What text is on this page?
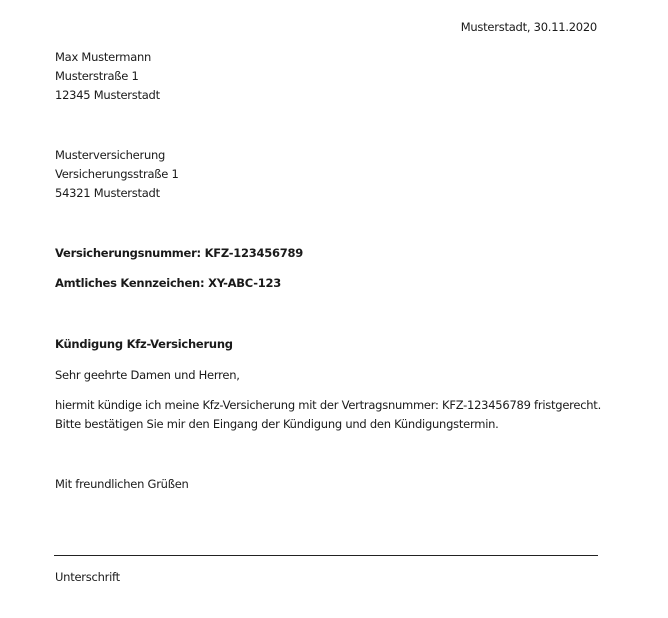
Musterstadt, 30.11.2020
Max Mustermann
Musterstraße 1
12345 Musterstadt
Musterversicherung
Versicherungsstraße 1
54321 Musterstadt
Versicherungsnummer: KFZ-123456789
Amtliches Kennzeichen: XY-ABC-123
Kündigung Kfz-Versicherung
Sehr geehrte Damen und Herren,
hiermit kündige ich meine Kfz-Versicherung mit der Vertragsnummer: KFZ-123456789 fristgerecht.
Bitte bestätigen Sie mir den Eingang der Kündigung und den Kündigungstermin.
Mit freundlichen Grüßen
Unterschrift
